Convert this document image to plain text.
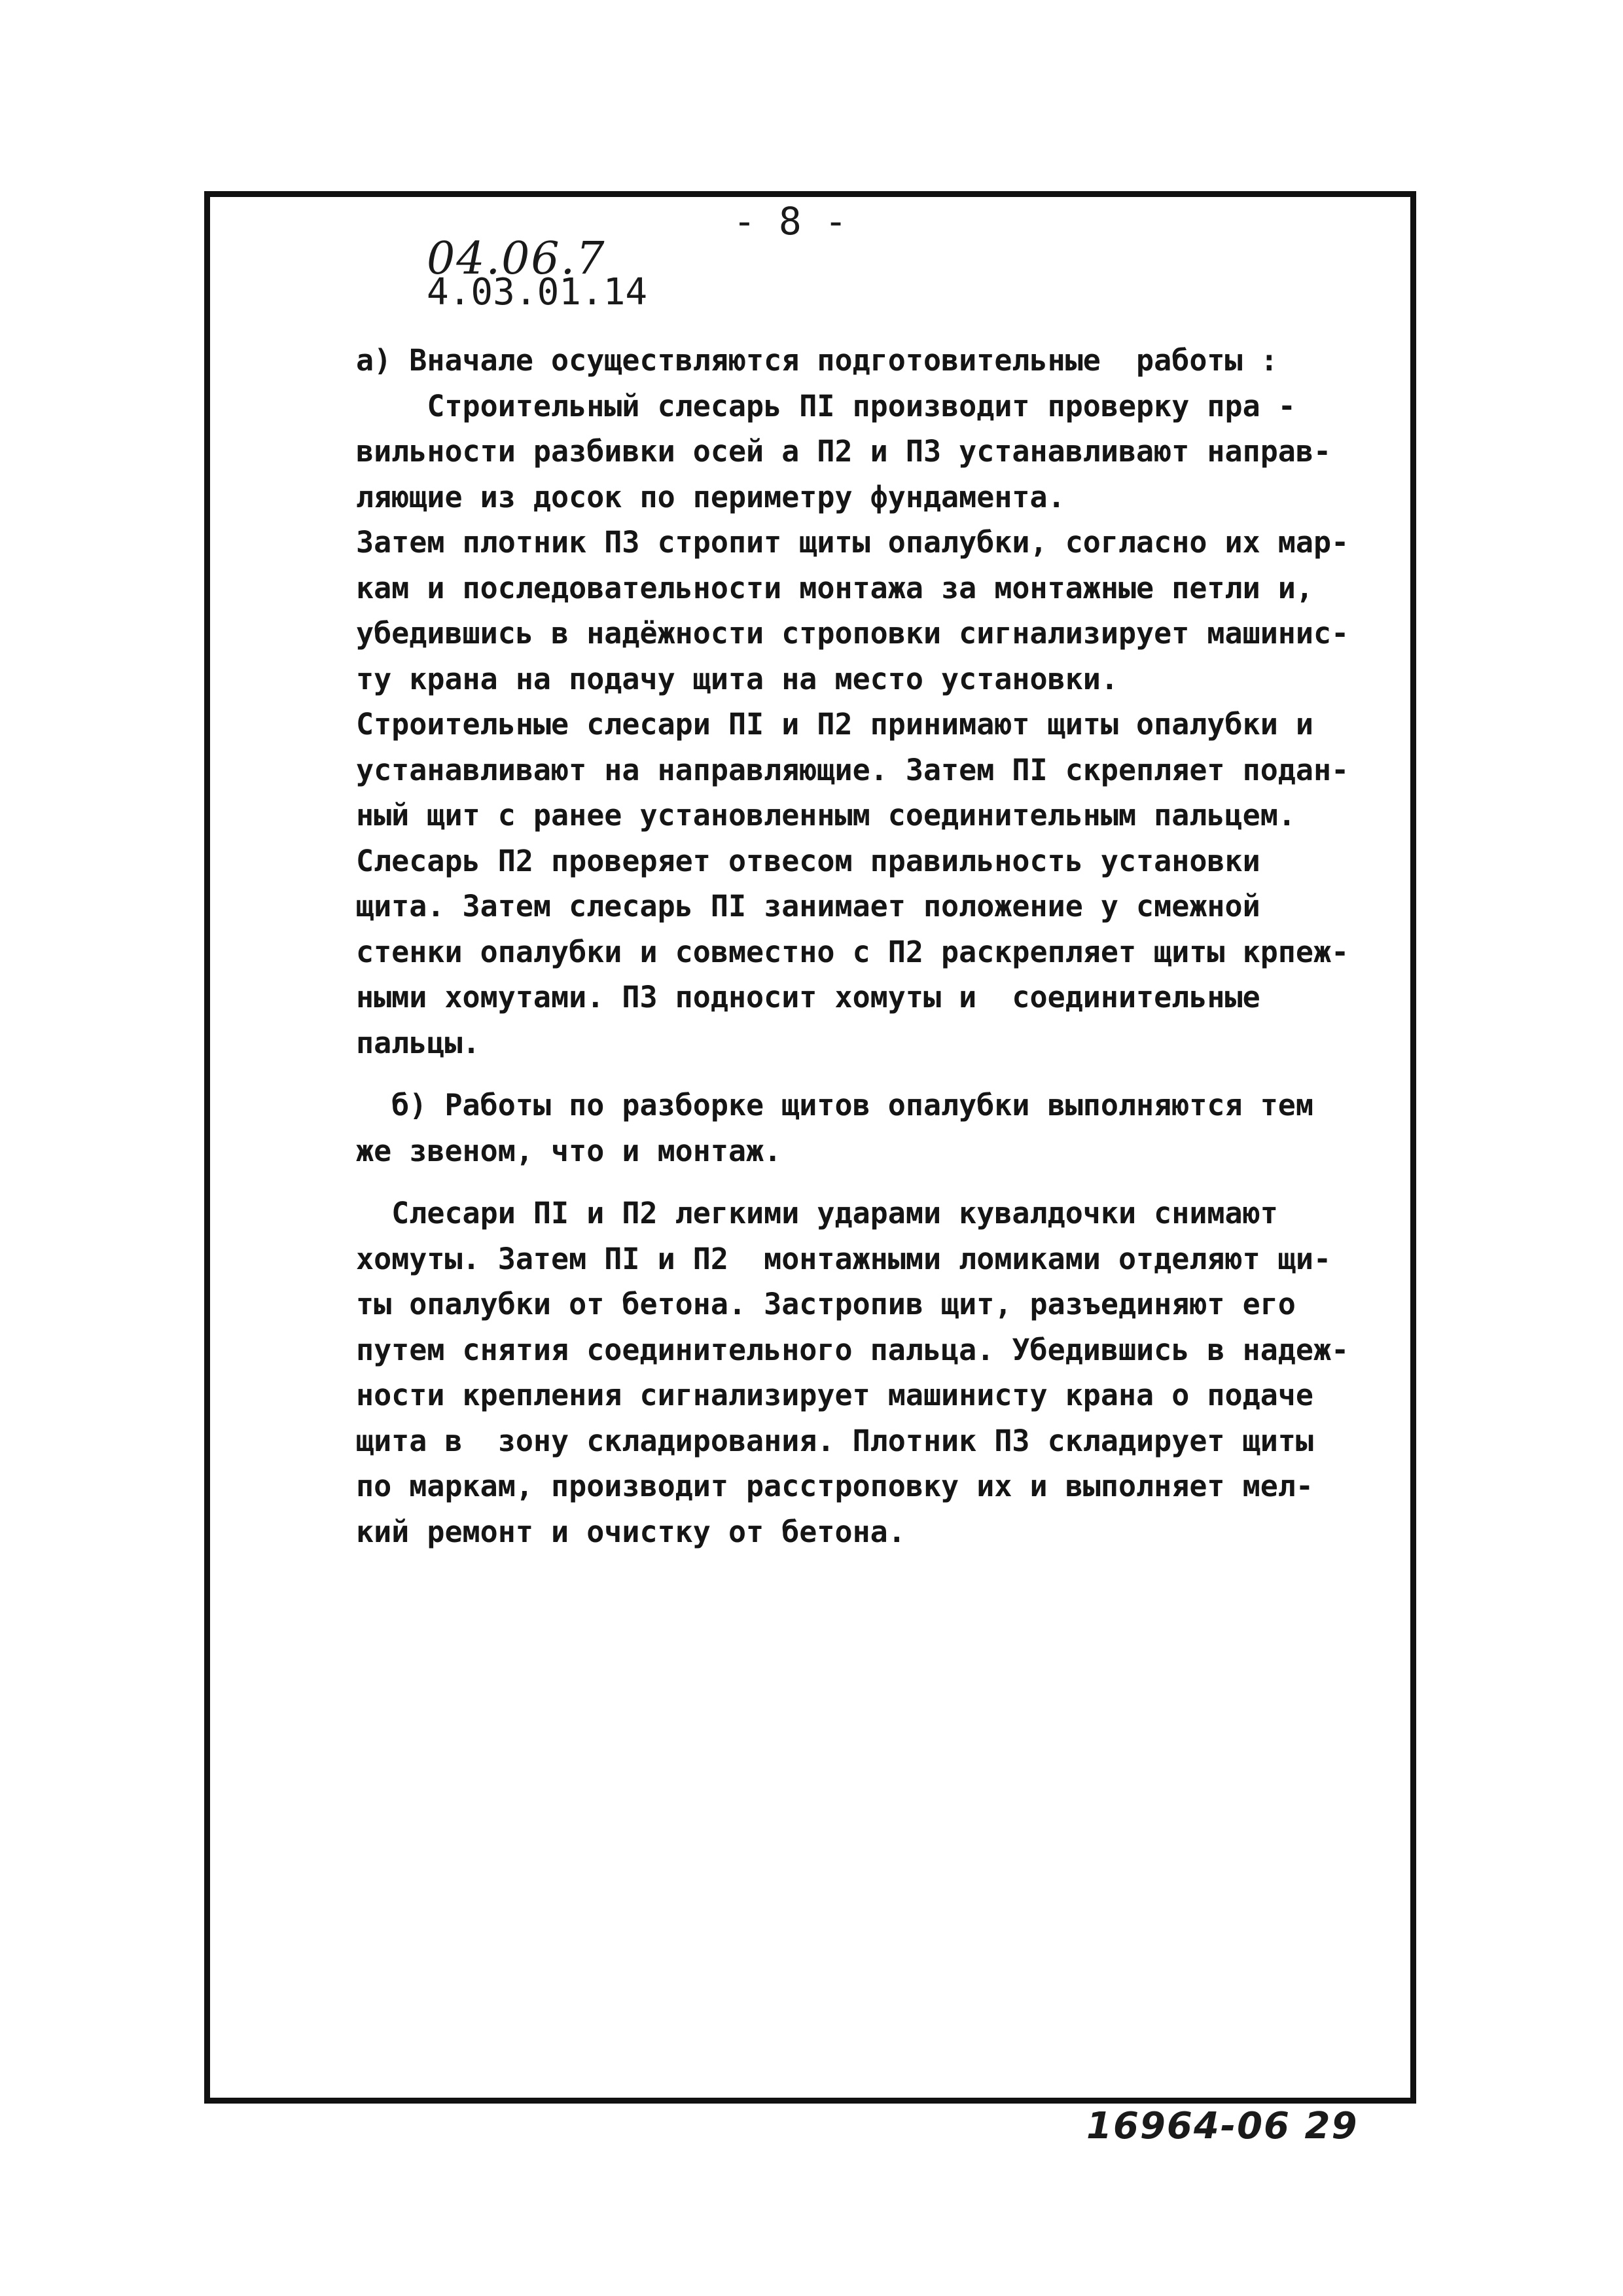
04.06.7
4.03.01.14
- 8 -
а) Вначале осуществляются подготовительные  работы :
Строительный слесарь ПI производит проверку пра -
вильности разбивки осей а П2 и П3 устанавливают направ-
ляющие из досок по периметру фундамента.
Затем плотник П3 стропит щиты опалубки, согласно их мар-
кам и последовательности монтажа за монтажные петли и,
убедившись в надёжности строповки сигнализирует машинис-
ту крана на подачу щита на место установки.
Строительные слесари ПI и П2 принимают щиты опалубки и
устанавливают на направляющие. Затем ПI скрепляет подан-
ный щит с ранее установленным соединительным пальцем.
Слесарь П2 проверяет отвесом правильность установки
щита. Затем слесарь ПI занимает положение у смежной
стенки опалубки и совместно с П2 раскрепляет щиты крпеж-
ными хомутами. П3 подносит хомуты и  соединительные
пальцы.
б) Работы по разборке щитов опалубки выполняются тем
же звеном, что и монтаж.
Слесари ПI и П2 легкими ударами кувалдочки снимают
хомуты. Затем ПI и П2  монтажными ломиками отделяют щи-
ты опалубки от бетона. Застропив щит, разъединяют его
путем снятия соединительного пальца. Убедившись в надеж-
ности крепления сигнализирует машинисту крана о подаче
щита в  зону складирования. Плотник П3 складирует щиты
по маркам, производит расстроповку их и выполняет мел-
кий ремонт и очистку от бетона.
16964-06 29
